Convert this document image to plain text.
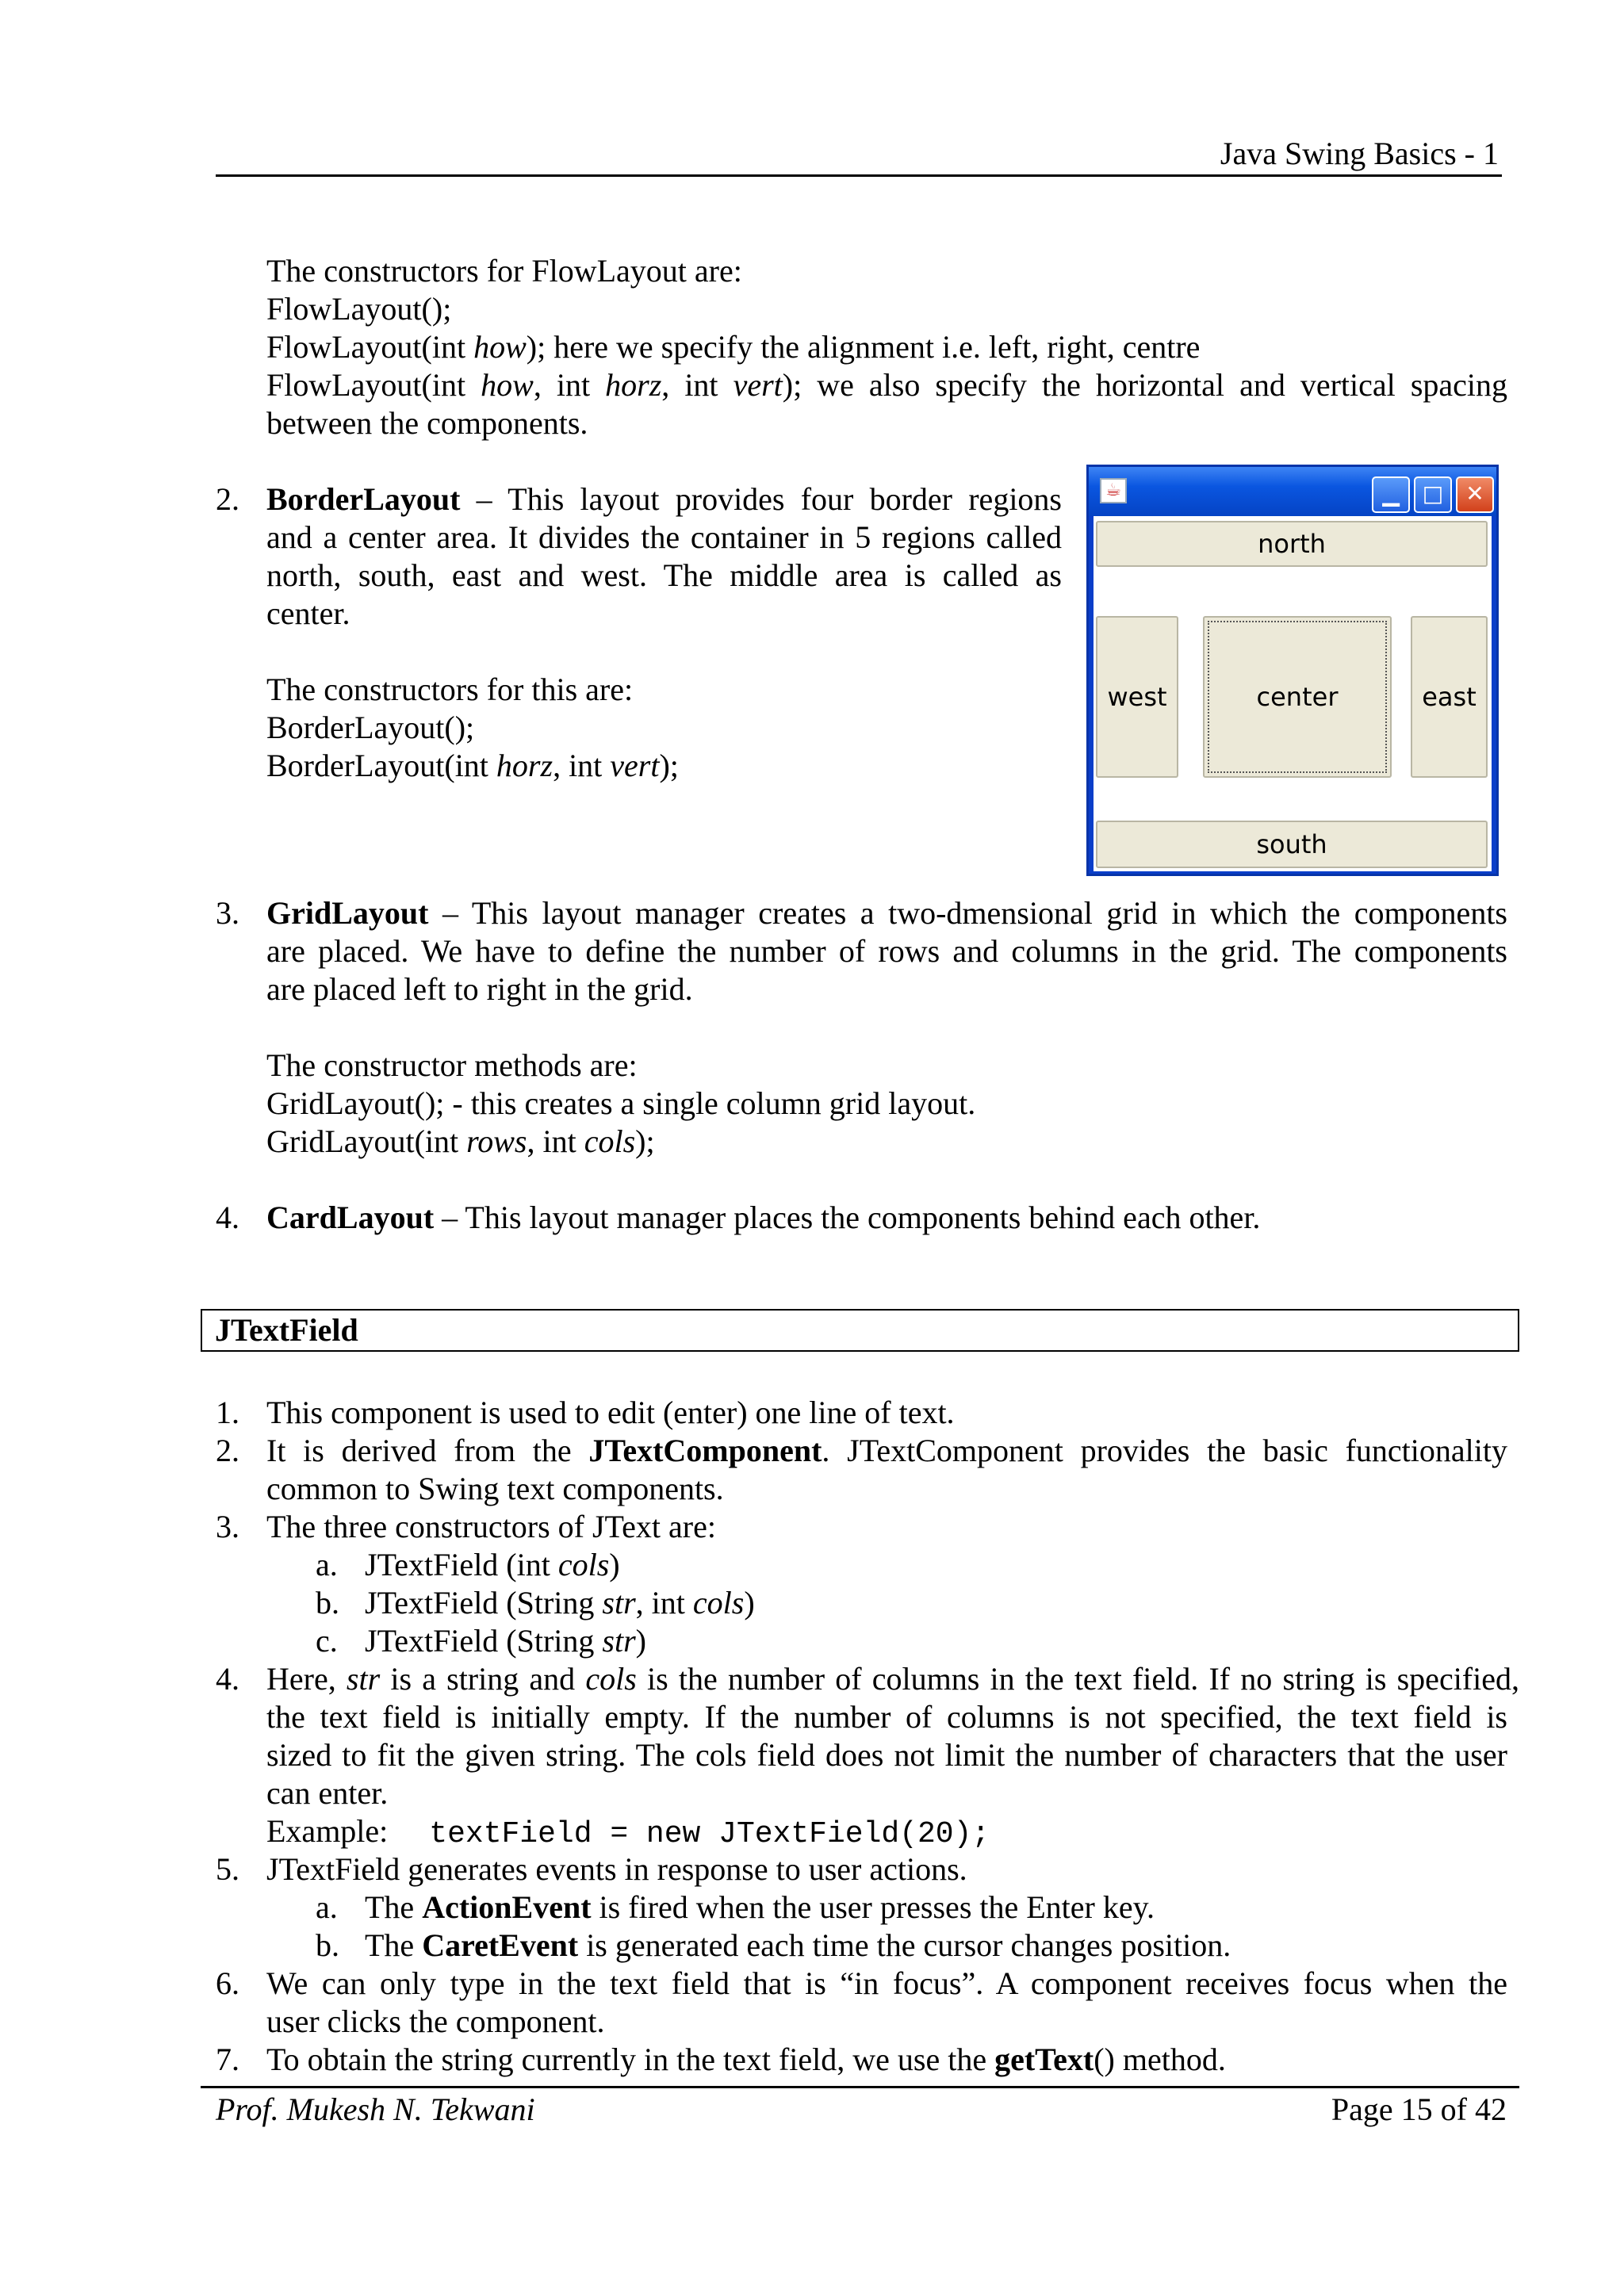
Java Swing Basics - 1
The constructors for FlowLayout are:
FlowLayout();
FlowLayout(int how); here we specify the alignment i.e. left, right, centre
FlowLayout(int how, int horz, int vert); we also specify the horizontal and vertical spacing
between the components.
2. BorderLayout – This layout provides four border regions
and a center area. It divides the container in 5 regions called
north, south, east and west. The middle area is called as
center.
The constructors for this are:
BorderLayout();
BorderLayout(int horz, int vert);
☕	▁	□	✕
north
west	center	east
south
3. GridLayout – This layout manager creates a two-dmensional grid in which the components
are placed. We have to define the number of rows and columns in the grid. The components
are placed left to right in the grid.
The constructor methods are:
GridLayout(); - this creates a single column grid layout.
GridLayout(int rows, int cols);
4. CardLayout – This layout manager places the components behind each other.
JTextField
1. This component is used to edit (enter) one line of text.
2. It is derived from the JTextComponent. JTextComponent provides the basic functionality
common to Swing text components.
3. The three constructors of JText are:
a. JTextField (int cols)
b. JTextField (String str, int cols)
c. JTextField (String str)
4. Here, str is a string and cols is the number of columns in the text field. If no string is specified,
the text field is initially empty. If the number of columns is not specified, the text field is
sized to fit the given string. The cols field does not limit the number of characters that the user
can enter.
Example: textField = new JTextField(20);
5. JTextField generates events in response to user actions.
a. The ActionEvent is fired when the user presses the Enter key.
b. The CaretEvent is generated each time the cursor changes position.
6. We can only type in the text field that is “in focus”. A component receives focus when the
user clicks the component.
7. To obtain the string currently in the text field, we use the getText() method.
Prof. Mukesh N. Tekwani	Page 15 of 42
